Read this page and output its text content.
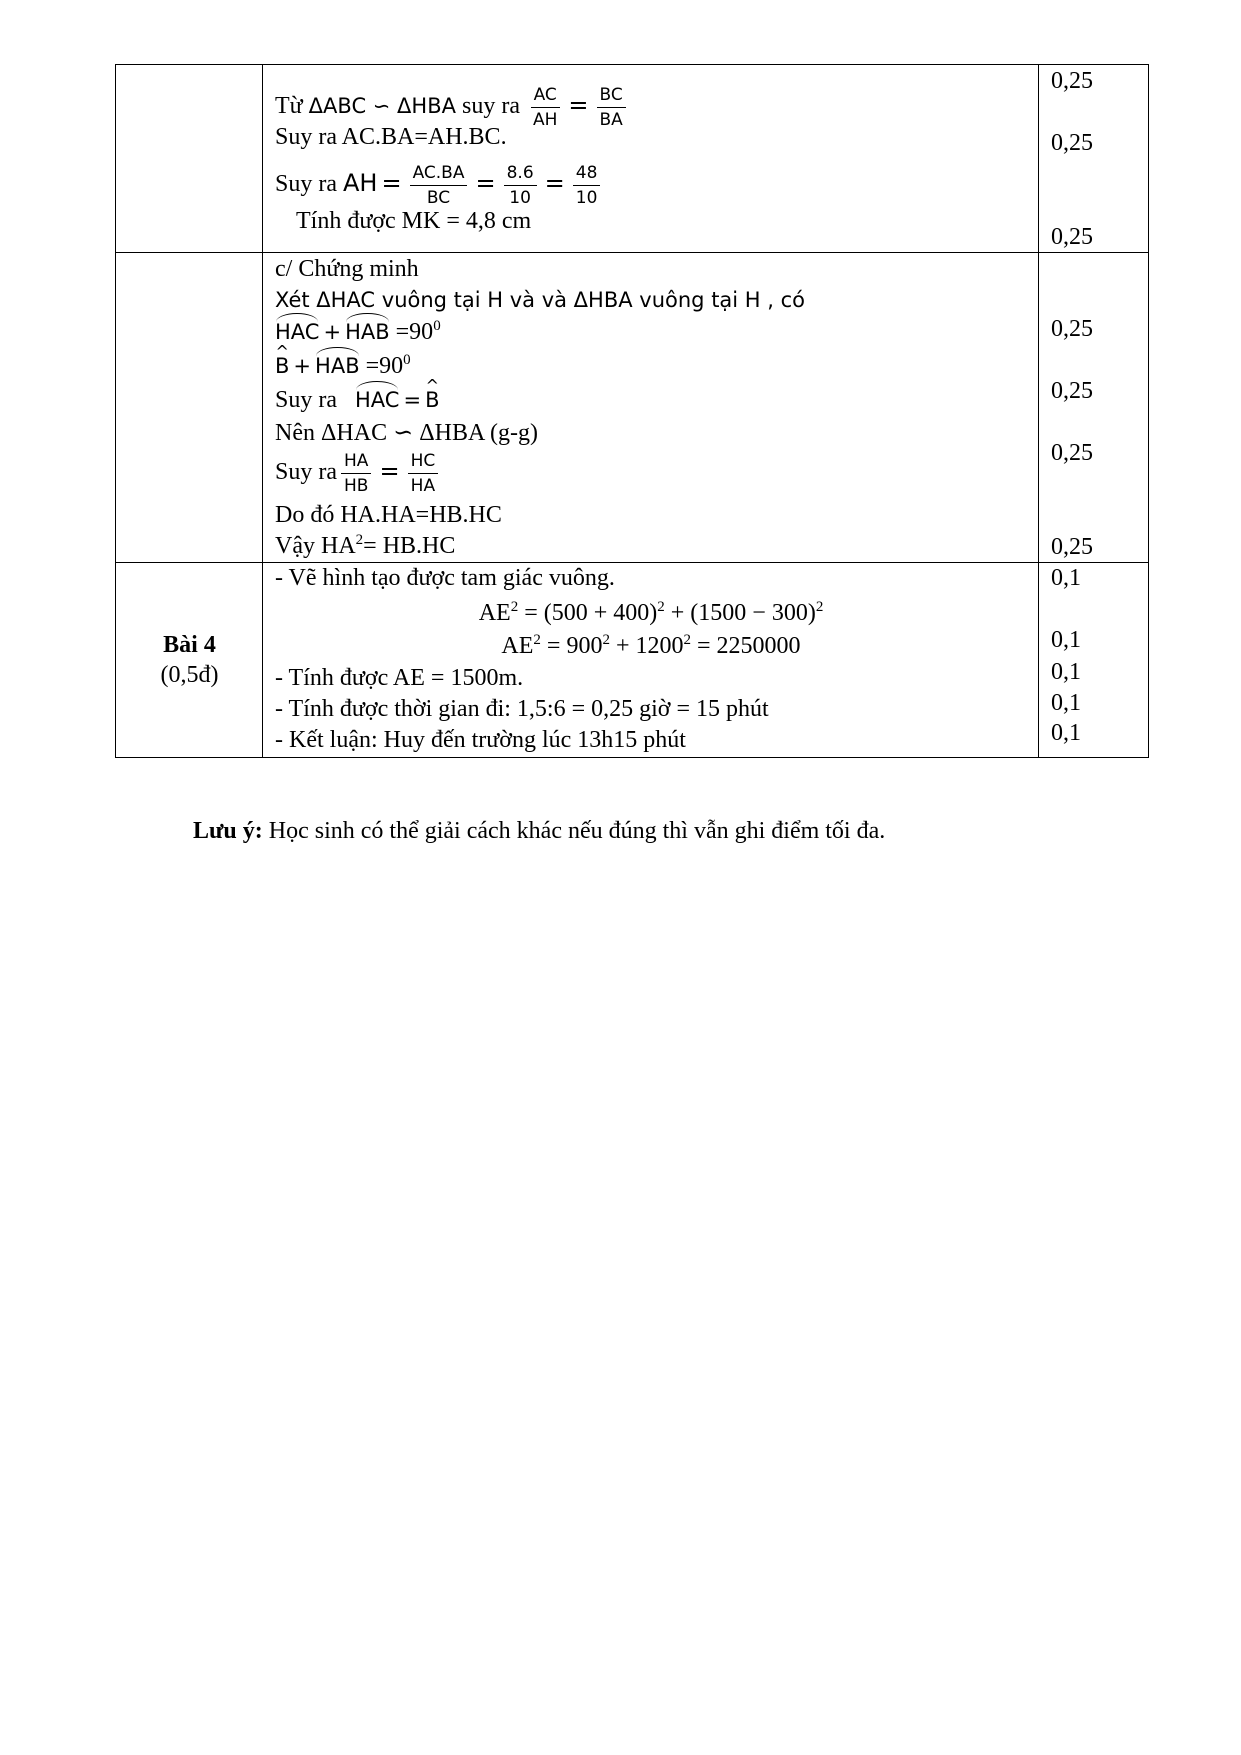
Từ ΔABC ∽ ΔHBA suy ra $\frac{AC}{AH} = \frac{BC}{BA}$
Suy ra AC.BA=AH.BC.
Suy ra AH = $\frac{AC.BA}{BC} = \frac{8.6}{10} = \frac{48}{10}$
Tính được MK = 4,8 cm

0,25
0,25
0,25

c/ Chứng minh
Xét ΔHAC vuông tại H và và ΔHBA vuông tại H , có
HAC + HAB $=90^0$
^ B + HAB $=90^0$
Suy ra HAC =^ B
Nên ΔHAC ∽ ΔHBA (g-g)
Suy ra $\frac{HA}{HB} = \frac{HC}{HA}$
Do đó HA.HA=HB.HC
Vậy $HA^2= HB.HC$

0,25
0,25
0,25
0,25

Bài 4
(0,5đ)

- Vẽ hình tạo được tam giác vuông.
$AE^2 = (500 + 400)^2 + (1500 - 300)^2$
$AE^2 = 900^2 + 1200^2 = 2250000$
- Tính được AE = 1500m.
- Tính được thời gian đi: 1,5:6 = 0,25 giờ = 15 phút
- Kết luận: Huy đến trường lúc 13h15 phút

0,1
0,1
0,1
0,1
0,1
Lưu ý: Học sinh có thể giải cách khác nếu đúng thì vẫn ghi điểm tối đa.
